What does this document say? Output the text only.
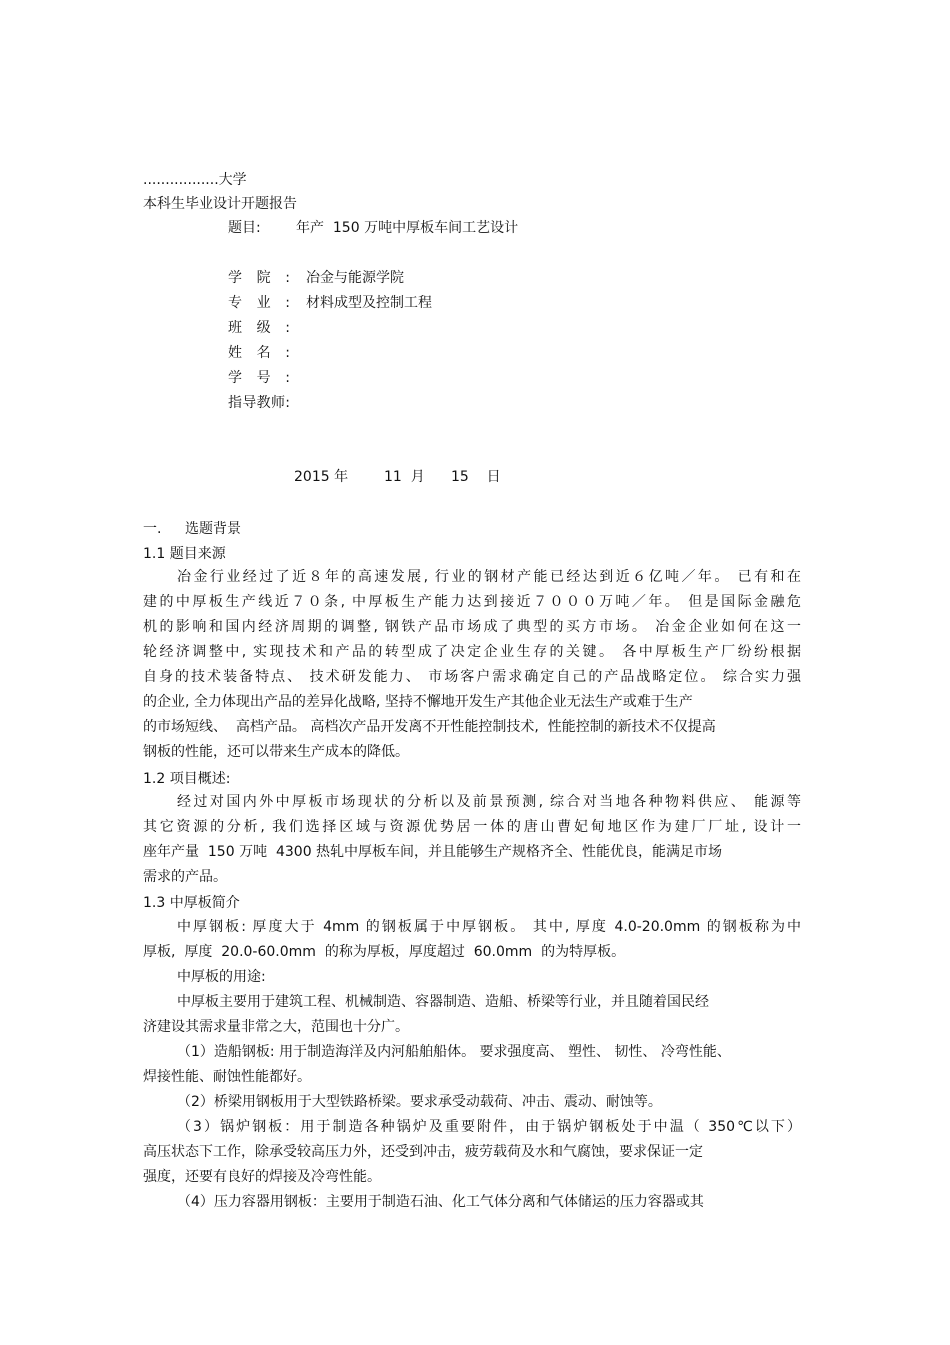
.................大学
本科生毕业设计开题报告
题目:	年产  150 万吨中厚板车间工艺设计
学院: 冶金与能源学院
专业: 材料成型及控制工程
班级:
姓名:
学号:
指导教师:
2015 年	11  月 15    日
一. 选题背景
1.1 题目来源
冶金行业经过了近８年的高速发展, 行业的钢材产能已经达到近６亿吨／年。 已有和在
建的中厚板生产线近７０条, 中厚板生产能力达到接近７０００万吨／年。 但是国际金融危
机的影响和国内经济周期的调整, 钢铁产品市场成了典型的买方市场。 冶金企业如何在这一
轮经济调整中, 实现技术和产品的转型成了决定企业生存的关键。 各中厚板生产厂纷纷根据
自身的技术装备特点、 技术研发能力、 市场客户需求确定自己的产品战略定位。 综合实力强
的企业, 全力体现出产品的差异化战略, 坚持不懈地开发生产其他企业无法生产或难于生产
的市场短线、  高档产品。 高档次产品开发离不开性能控制技术,  性能控制的新技术不仅提高
钢板的性能，还可以带来生产成本的降低。
1.2 项目概述:
经过对国内外中厚板市场现状的分析以及前景预测, 综合对当地各种物料供应、 能源等
其它资源的分析, 我们选择区域与资源优势居一体的唐山曹妃甸地区作为建厂厂址, 设计一
座年产量  150 万吨  4300 热轧中厚板车间，并且能够生产规格齐全、性能优良，能满足市场
需求的产品。
1.3 中厚板简介
中厚钢板: 厚度大于 4mm 的钢板属于中厚钢板。 其中, 厚度 4.0-20.0mm 的钢板称为中
厚板,  厚度  20.0-60.0mm  的称为厚板，厚度超过  60.0mm  的为特厚板。
中厚板的用途:
中厚板主要用于建筑工程、机械制造、容器制造、造船、桥梁等行业，并且随着国民经
济建设其需求量非常之大，范围也十分广。
（1）造船钢板: 用于制造海洋及内河船舶船体。 要求强度高、 塑性、 韧性、 冷弯性能、
焊接性能、耐蚀性能都好。
（2）桥梁用钢板用于大型铁路桥梁。要求承受动载荷、冲击、震动、耐蚀等。
（3）锅炉钢板：用于制造各种锅炉及重要附件，由于锅炉钢板处于中温（ 350℃以下）
高压状态下工作，除承受较高压力外，还受到冲击，疲劳载荷及水和气腐蚀，要求保证一定
强度，还要有良好的焊接及冷弯性能。
（4）压力容器用钢板：主要用于制造石油、化工气体分离和气体储运的压力容器或其
